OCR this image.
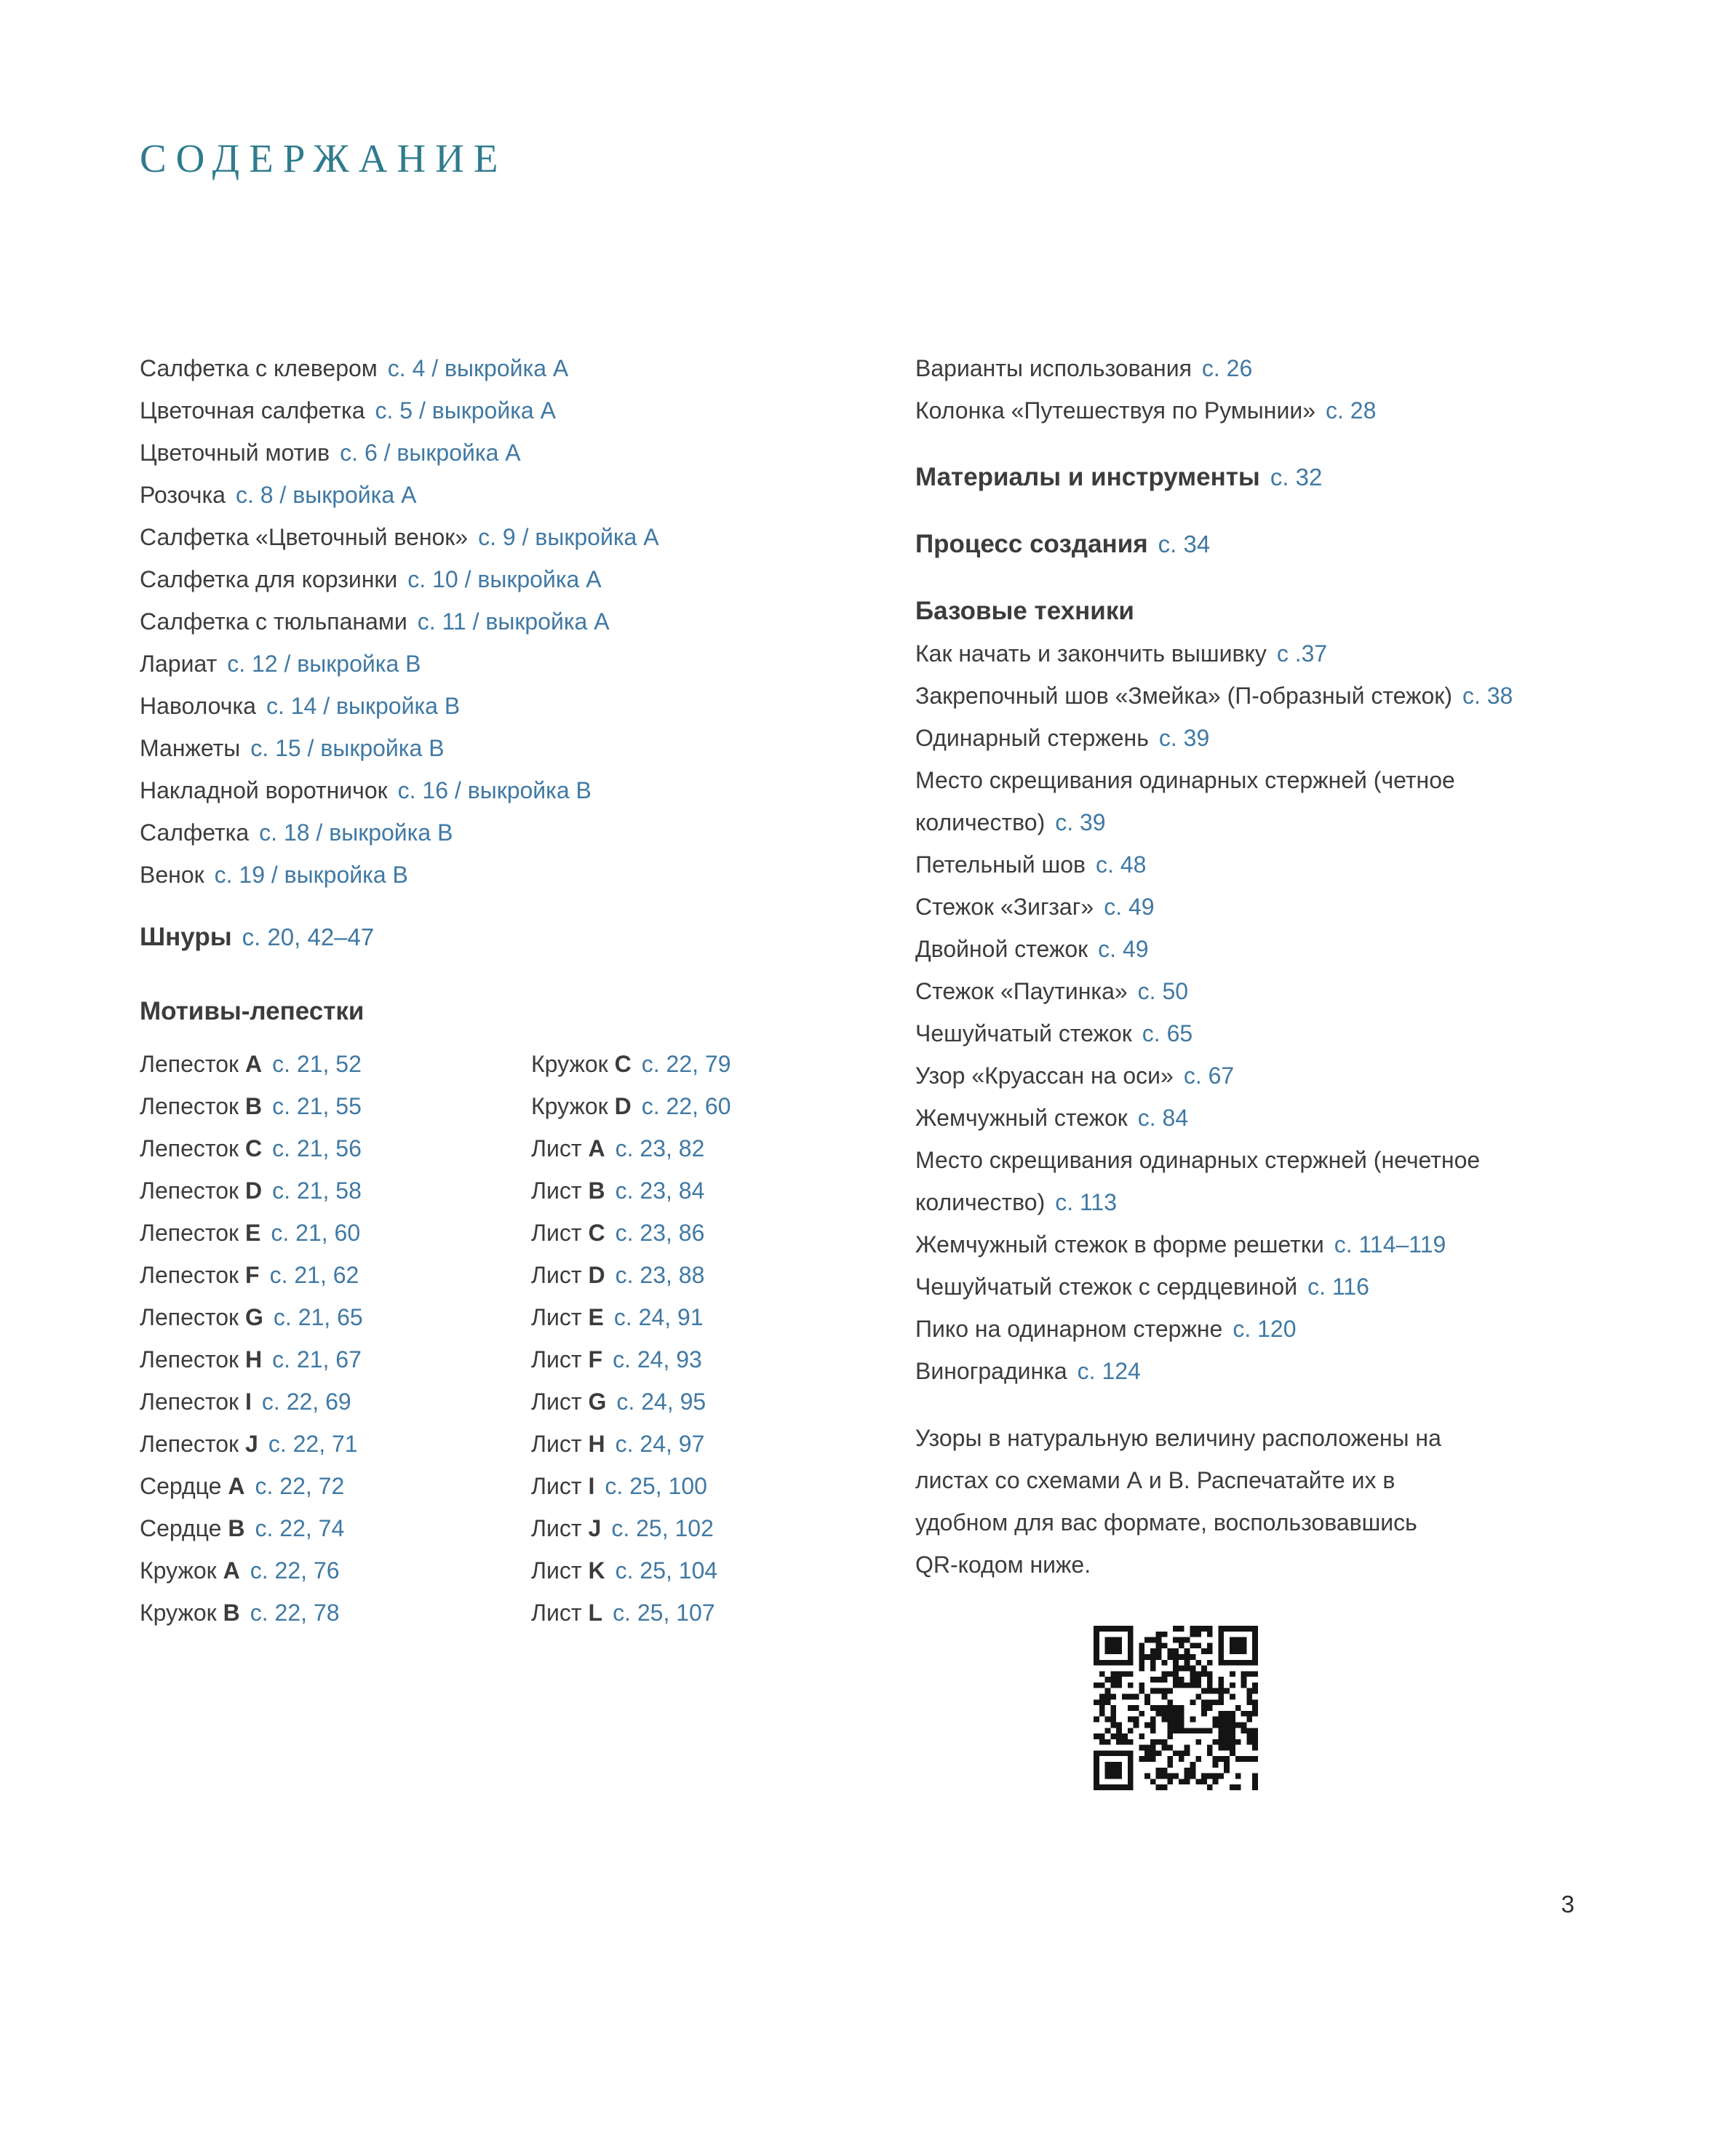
СОДЕРЖАНИЕ
Салфетка с клевером с. 4 / выкройка А
Цветочная салфетка с. 5 / выкройка А
Цветочный мотив с. 6 / выкройка А
Розочка с. 8 / выкройка А
Салфетка «Цветочный венок» с. 9 / выкройка А
Салфетка для корзинки с. 10 / выкройка А
Салфетка с тюльпанами с. 11 / выкройка А
Лариат с. 12 / выкройка В
Наволочка с. 14 / выкройка В
Манжеты с. 15 / выкройка В
Накладной воротничок с. 16 / выкройка В
Салфетка с. 18 / выкройка В
Венок с. 19 / выкройка В
Шнуры с. 20, 42–47
Мотивы-лепестки
Лепесток A с. 21, 52
Лепесток B с. 21, 55
Лепесток C с. 21, 56
Лепесток D с. 21, 58
Лепесток E с. 21, 60
Лепесток F с. 21, 62
Лепесток G с. 21, 65
Лепесток H с. 21, 67
Лепесток I с. 22, 69
Лепесток J с. 22, 71
Сердце A с. 22, 72
Сердце B с. 22, 74
Кружок A с. 22, 76
Кружок B с. 22, 78
Кружок C с. 22, 79
Кружок D с. 22, 60
Лист A с. 23, 82
Лист B с. 23, 84
Лист C с. 23, 86
Лист D с. 23, 88
Лист E с. 24, 91
Лист F с. 24, 93
Лист G с. 24, 95
Лист H с. 24, 97
Лист I с. 25, 100
Лист J с. 25, 102
Лист K с. 25, 104
Лист L с. 25, 107
Варианты использования с. 26
Колонка «Путешествуя по Румынии» с. 28
Материалы и инструменты с. 32
Процесс создания с. 34
Базовые техники
Как начать и закончить вышивку с .37
Закрепочный шов «Змейка» (П-образный стежок) с. 38
Одинарный стержень с. 39
Место скрещивания одинарных стержней (четное количество) с. 39
Петельный шов с. 48
Стежок «Зигзаг» с. 49
Двойной стежок с. 49
Стежок «Паутинка» с. 50
Чешуйчатый стежок с. 65
Узор «Круассан на оси» с. 67
Жемчужный стежок с. 84
Место скрещивания одинарных стержней (нечетное количество) с. 113
Жемчужный стежок в форме решетки с. 114–119
Чешуйчатый стежок с сердцевиной с. 116
Пико на одинарном стержне с. 120
Виноградинка с. 124

Узоры в натуральную величину расположены на листах со схемами А и В. Распечатайте их в удобном для вас формате, воспользовавшись QR-кодом ниже.

3
